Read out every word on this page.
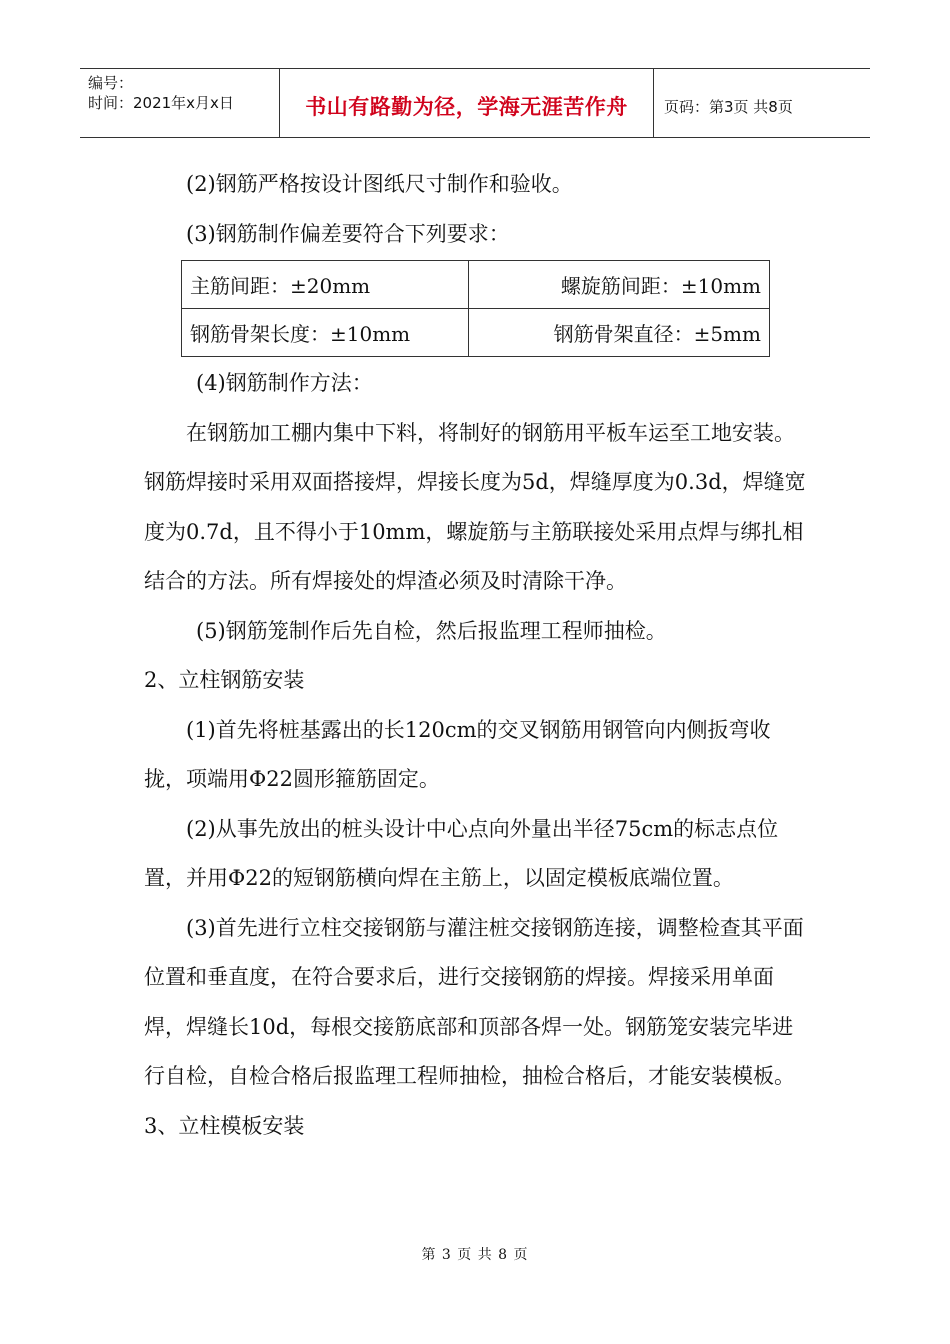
编号：
时间：2021年x月x日	书山有路勤为径，学海无涯苦作舟	页码：第3页 共8页

(2)钢筋严格按设计图纸尺寸制作和验收。

(3)钢筋制作偏差要符合下列要求：

(4)钢筋制作方法：

在钢筋加工棚内集中下料，将制好的钢筋用平板车运至工地安装。钢筋焊接时采用双面搭接焊，焊接长度为5d，焊缝厚度为0.3d，焊缝宽度为0.7d，且不得小于10mm，螺旋筋与主筋联接处采用点焊与绑扎相结合的方法。所有焊接处的焊渣必须及时清除干净。

(5)钢筋笼制作后先自检，然后报监理工程师抽检。

2、立柱钢筋安装

(1)首先将桩基露出的长120cm的交叉钢筋用钢管向内侧扳弯收拢，项端用Φ22圆形箍筋固定。

(2)从事先放出的桩头设计中心点向外量出半径75cm的标志点位置，并用Φ22的短钢筋横向焊在主筋上，以固定模板底端位置。

(3)首先进行立柱交接钢筋与灌注桩交接钢筋连接，调整检查其平面位置和垂直度，在符合要求后，进行交接钢筋的焊接。焊接采用单面焊，焊缝长10d，每根交接筋底部和顶部各焊一处。钢筋笼安装完毕进行自检，自检合格后报监理工程师抽检，抽检合格后，才能安装模板。

3、立柱模板安装

主筋间距：±20mm	螺旋筋间距：±10mm
钢筋骨架长度：±10mm	钢筋骨架直径：±5mm
第 3 页 共 8 页
